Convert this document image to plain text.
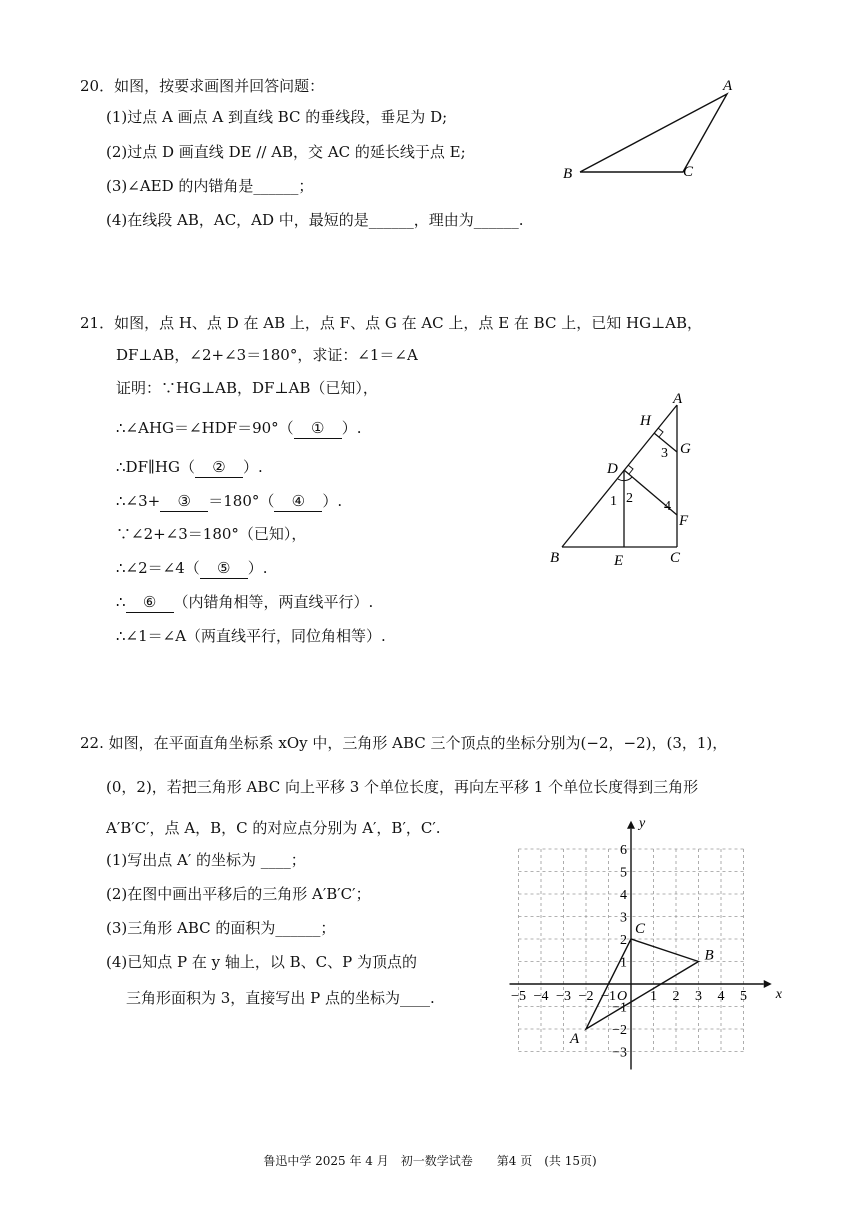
20．如图，按要求画图并回答问题：
(1)过点 A 画点 A 到直线 BC 的垂线段，垂足为 D;
(2)过点 D 画直线 DE // AB，交 AC 的延长线于点 E;
(3)∠AED 的内错角是______；
(4)在线段 AB，AC，AD 中，最短的是______，理由为______.
A
B	C
21．如图，点 H、点 D 在 AB 上，点 F、点 G 在 AC 上，点 E 在 BC 上，已知 HG⊥AB，
DF⊥AB，∠2+∠3＝180°，求证：∠1＝∠A
证明：∵HG⊥AB，DF⊥AB（已知），
∴∠AHG＝∠HDF＝90°（ ① ）.
∴DF∥HG（ ② ）.
∴∠3+ ③ ＝180°（ ④ ）.
∵∠2+∠3＝180°（已知），
∴∠2＝∠4（ ⑤ ）.
∴ ⑥ （内错角相等，两直线平行）.
∴∠1＝∠A（两直线平行，同位角相等）.
A
H
G
3
D
1 2
4
F
B	E	C
22. 如图，在平面直角坐标系 xOy 中，三角形 ABC 三个顶点的坐标分别为(−2，−2)，(3，1)，
(0，2)，若把三角形 ABC 向上平移 3 个单位长度，再向左平移 1 个单位长度得到三角形
A′B′C′，点 A，B，C 的对应点分别为 A′，B′，C′.
(1)写出点 A′ 的坐标为 ____；
(2)在图中画出平移后的三角形 A′B′C′；
(3)三角形 ABC 的面积为______；
(4)已知点 P 在 y 轴上，以 B、C、P 为顶点的
三角形面积为 3，直接写出 P 点的坐标为____.	x
y
O
−5 −4 −3 −2 −1 1 2 3 4 5
6
5
4
3
2
1
−1
−2
−3
A
B
C
鲁迅中学 2025 年 4 月　初一数学试卷　　第4 页　(共 15页)
